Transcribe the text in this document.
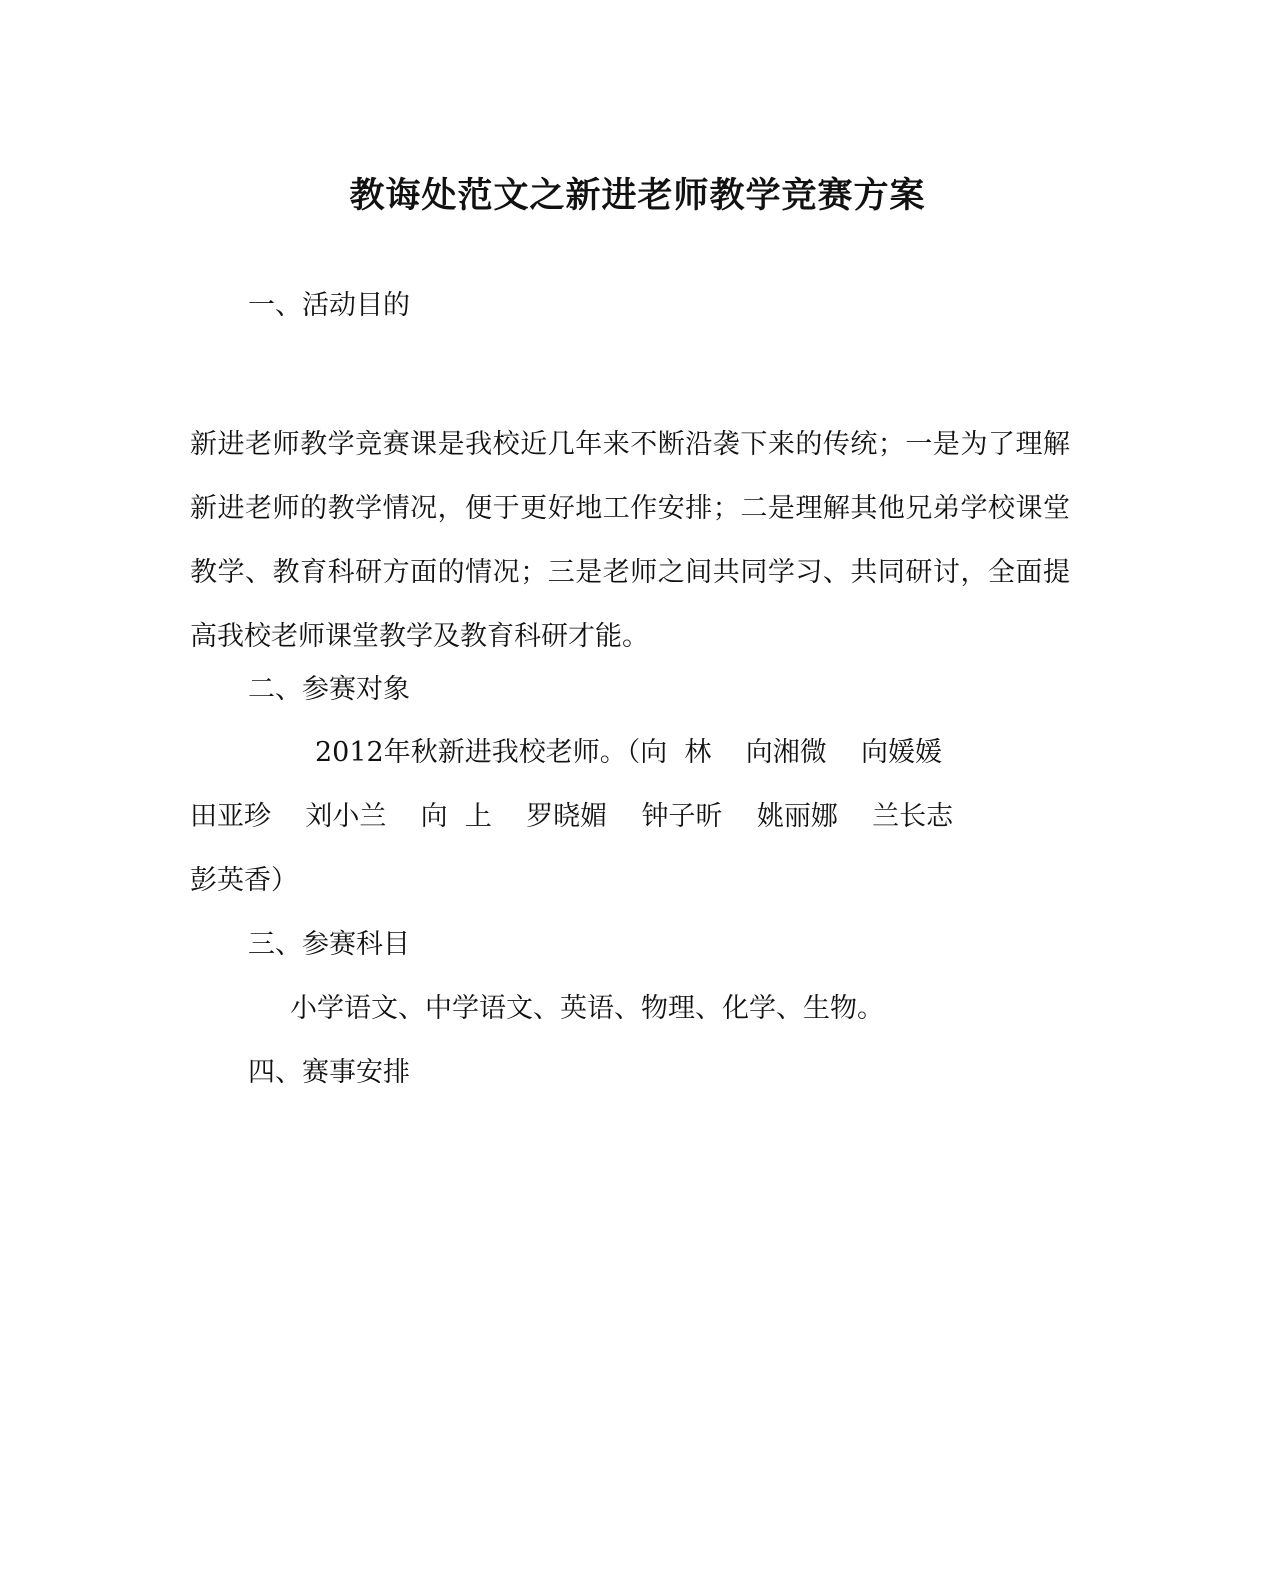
教诲处范文之新进老师教学竞赛方案

一、活动目的

新进老师教学竞赛课是我校近几年来不断沿袭下来的传统；一是为了理解新进老师的教学情况，便于更好地工作安排；二是理解其他兄弟学校课堂教学、教育科研方面的情况；三是老师之间共同学习、共同研讨，全面提高我校老师课堂教学及教育科研才能。

二、参赛对象

2012年秋新进我校老师。（向  林    向湘微    向媛媛

田亚珍    刘小兰    向  上    罗晓媚    钟子昕    姚丽娜    兰长志

彭英香）

三、参赛科目

小学语文、中学语文、英语、物理、化学、生物。

四、赛事安排
